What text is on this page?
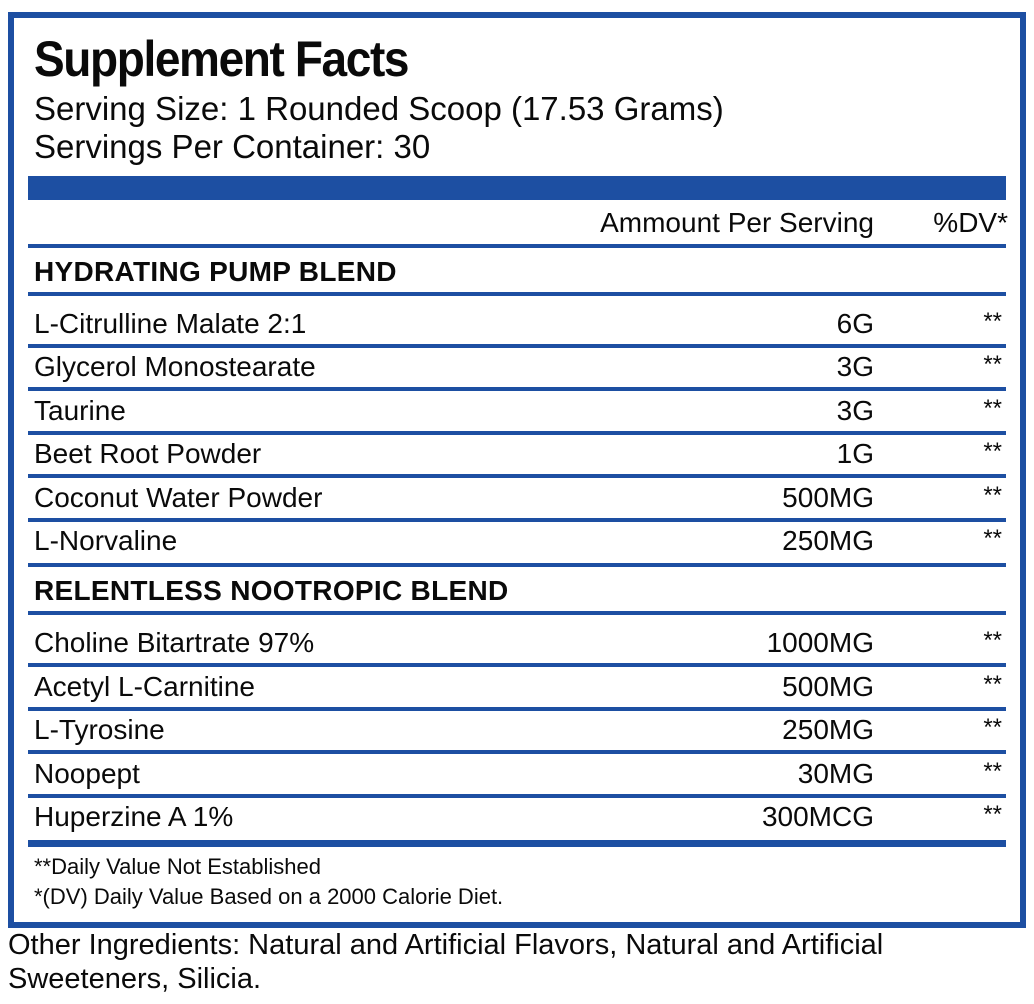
Supplement Facts
Serving Size: 1 Rounded Scoop (17.53 Grams)
Servings Per Container: 30
Ammount Per Serving %DV*
HYDRATING PUMP BLEND
L-Citrulline Malate 2:1	6G	**
Glycerol Monostearate	3G	**
Taurine	3G	**
Beet Root Powder	1G	**
Coconut Water Powder	500MG	**
L-Norvaline	250MG	**
RELENTLESS NOOTROPIC BLEND
Choline Bitartrate 97%	1000MG	**
Acetyl L-Carnitine	500MG	**
L-Tyrosine	250MG	**
Noopept	30MG	**
Huperzine A 1%	300MCG	**
**Daily Value Not Established
*(DV) Daily Value Based on a 2000 Calorie Diet.
Other Ingredients: Natural and Artificial Flavors, Natural and Artificial Sweeteners, Silicia.
